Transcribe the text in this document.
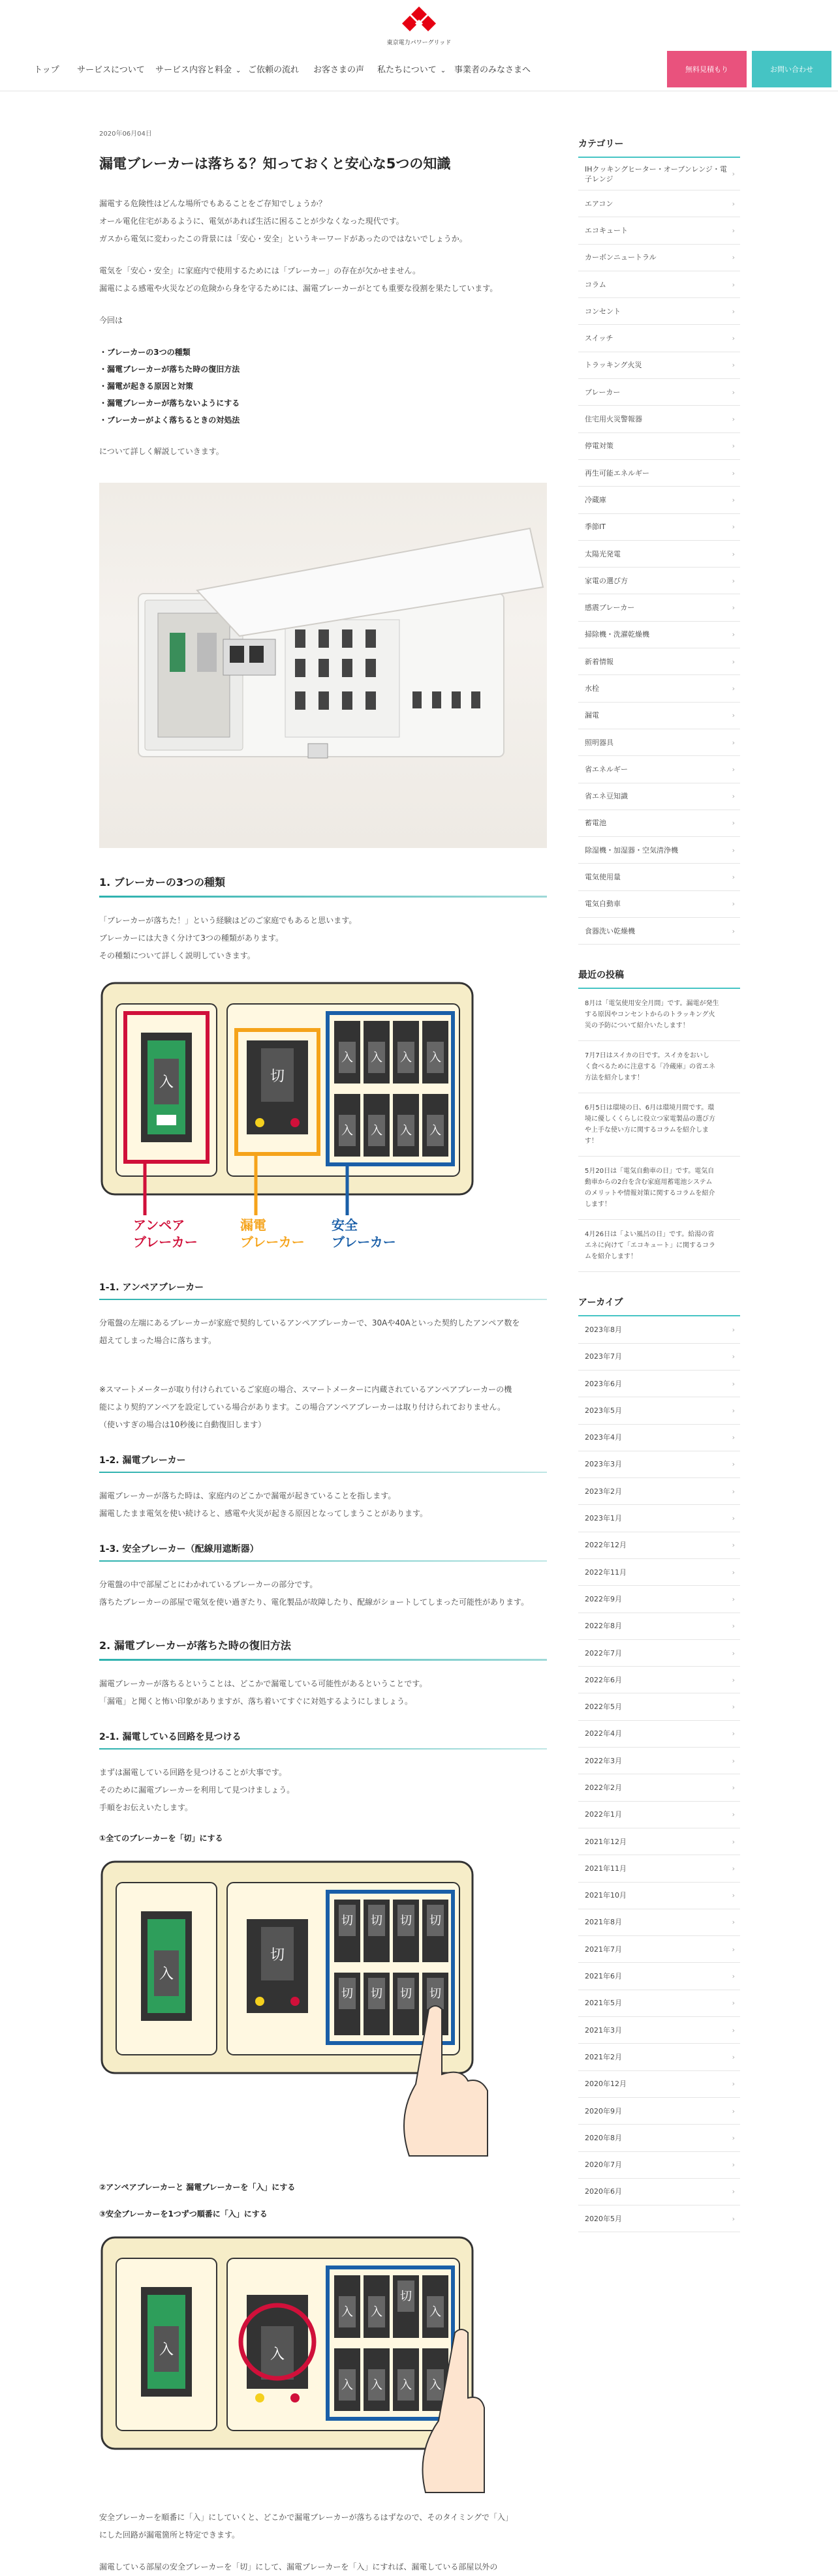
東京電力パワーグリッド
トップ サービスについて サービス内容と料金 ⌄ ご依頼の流れ お客さまの声 私たちについて ⌄ 事業者のみなさまへ	無料見積もり	お問い合わせ
2020年06月04日
漏電ブレーカーは落ちる？知っておくと安心な5つの知識
漏電する危険性はどんな場所でもあることをご存知でしょうか？
オール電化住宅があるように、電気があれば生活に困ることが少なくなった現代です。
ガスから電気に変わったこの背景には「安心・安全」というキーワードがあったのではないでしょうか。
電気を「安心・安全」に家庭内で使用するためには「ブレーカー」の存在が欠かせません。
漏電による感電や火災などの危険から身を守るためには、漏電ブレーカーがとても重要な役割を果たしています。
今回は
・ブレーカーの3つの種類
・漏電ブレーカーが落ちた時の復旧方法
・漏電が起きる原因と対策
・漏電ブレーカーが落ちないようにする
・ブレーカーがよく落ちるときの対処法
について詳しく解説していきます。
1. ブレーカーの3つの種類
「ブレーカーが落ちた！」という経験はどのご家庭でもあると思います。
ブレーカーには大きく分けて3つの種類があります。
その種類について詳しく説明していきます。
入	切
入 入 入 入
入 入 入 入
アンペア
ブレーカー
漏電
ブレーカー
安全
ブレーカー
1-1. アンペアブレーカー
分電盤の左端にあるブレーカーが家庭で契約しているアンペアブレーカーで、30Aや40Aといった契約したアンペア数を
超えてしまった場合に落ちます。
※スマートメーターが取り付けられているご家庭の場合、スマートメーターに内蔵されているアンペアブレーカーの機
能により契約アンペアを設定している場合があります。この場合アンペアブレーカーは取り付けられておりません。
（使いすぎの場合は10秒後に自動復旧します）
1-2. 漏電ブレーカー
漏電ブレーカーが落ちた時は、家庭内のどこかで漏電が起きていることを指します。
漏電したまま電気を使い続けると、感電や火災が起きる原因となってしまうことがあります。
1-3. 安全ブレーカー（配線用遮断器）
分電盤の中で部屋ごとにわかれているブレーカーの部分です。
落ちたブレーカーの部屋で電気を使い過ぎたり、電化製品が故障したり、配線がショートしてしまった可能性があります。
2. 漏電ブレーカーが落ちた時の復旧方法
漏電ブレーカーが落ちるということは、どこかで漏電している可能性があるということです。
「漏電」と聞くと怖い印象がありますが、落ち着いてすぐに対処するようにしましょう。
2-1. 漏電している回路を見つける
まずは漏電している回路を見つけることが大事です。
そのために漏電ブレーカーを利用して見つけましょう。
手順をお伝えいたします。
①全てのブレーカーを「切」にする
入
切
切 切 切 切
切 切 切 切
②アンペアブレーカーと 漏電ブレーカーを「入」にする
③安全ブレーカーを1つずつ順番に「入」にする
入	入
入 入
切
入
入 入 入 入
安全ブレーカーを順番に「入」にしていくと、どこかで漏電ブレーカーが落ちるはずなので、そのタイミングで「入」
にした回路が漏電箇所と特定できます。
漏電している部屋の安全ブレーカーを「切」にして、漏電ブレーカーを「入」にすれば、漏電している部屋以外の
カテゴリー
IHクッキングヒーター・オーブンレンジ・電子レンジ
›
エアコン	›
エコキュート	›
カーボンニュートラル	›
コラム	›
コンセント	›
スイッチ	›
トラッキング火災	›
ブレーカー	›
住宅用火災警報器	›
停電対策	›
再生可能エネルギー	›
冷蔵庫	›
季節IT	›
太陽光発電	›
家電の選び方	›
感震ブレーカー	›
掃除機・洗濯乾燥機	›
新着情報	›
水栓	›
漏電	›
照明器具	›
省エネルギー	›
省エネ豆知識	›
蓄電池	›
除湿機・加湿器・空気清浄機	›
電気使用量	›
電気自動車	›
食器洗い乾燥機	›
最近の投稿
8月は「電気使用安全月間」です。漏電が発生
する原因やコンセントからのトラッキング火
災の予防について紹介いたします！
7月7日はスイカの日です。スイカをおいし
く食べるために注意する「冷蔵庫」の省エネ
方法を紹介します！
6月5日は環境の日、6月は環境月間です。環
境に優しくくらしに役立つ家電製品の選び方
や上手な使い方に関するコラムを紹介しま
す！
5月20日は「電気自動車の日」です。電気自
動車からの2台を含む家庭用蓄電池システム
のメリットや情報対策に関するコラムを紹介
します！
4月26日は「よい風呂の日」です。給湯の省
エネに向けて「エコキュート」に関するコラ
ムを紹介します！
アーカイブ
2023年8月	›
2023年7月	›
2023年6月	›
2023年5月	›
2023年4月	›
2023年3月	›
2023年2月	›
2023年1月	›
2022年12月	›
2022年11月	›
2022年9月	›
2022年8月	›
2022年7月	›
2022年6月	›
2022年5月	›
2022年4月	›
2022年3月	›
2022年2月	›
2022年1月	›
2021年12月	›
2021年11月	›
2021年10月	›
2021年8月	›
2021年7月	›
2021年6月	›
2021年5月	›
2021年3月	›
2021年2月	›
2020年12月	›
2020年9月	›
2020年8月	›
2020年7月	›
2020年6月	›
2020年5月	›
